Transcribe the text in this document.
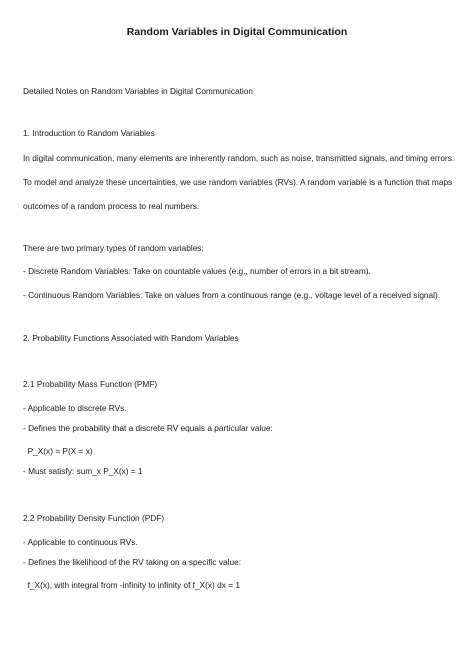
Random Variables in Digital Communication
Detailed Notes on Random Variables in Digital Communication
1. Introduction to Random Variables
In digital communication, many elements are inherently random, such as noise, transmitted signals, and timing errors.
To model and analyze these uncertainties, we use random variables (RVs). A random variable is a function that maps
outcomes of a random process to real numbers.
There are two primary types of random variables:
- Discrete Random Variables: Take on countable values (e.g., number of errors in a bit stream).
- Continuous Random Variables: Take on values from a continuous range (e.g., voltage level of a received signal).
2. Probability Functions Associated with Random Variables
2.1 Probability Mass Function (PMF)
- Applicable to discrete RVs.
- Defines the probability that a discrete RV equals a particular value:
P_X(x) = P(X = x)
- Must satisfy: sum_x P_X(x) = 1
2.2 Probability Density Function (PDF)
- Applicable to continuous RVs.
- Defines the likelihood of the RV taking on a specific value:
f_X(x), with integral from -infinity to infinity of f_X(x) dx = 1
